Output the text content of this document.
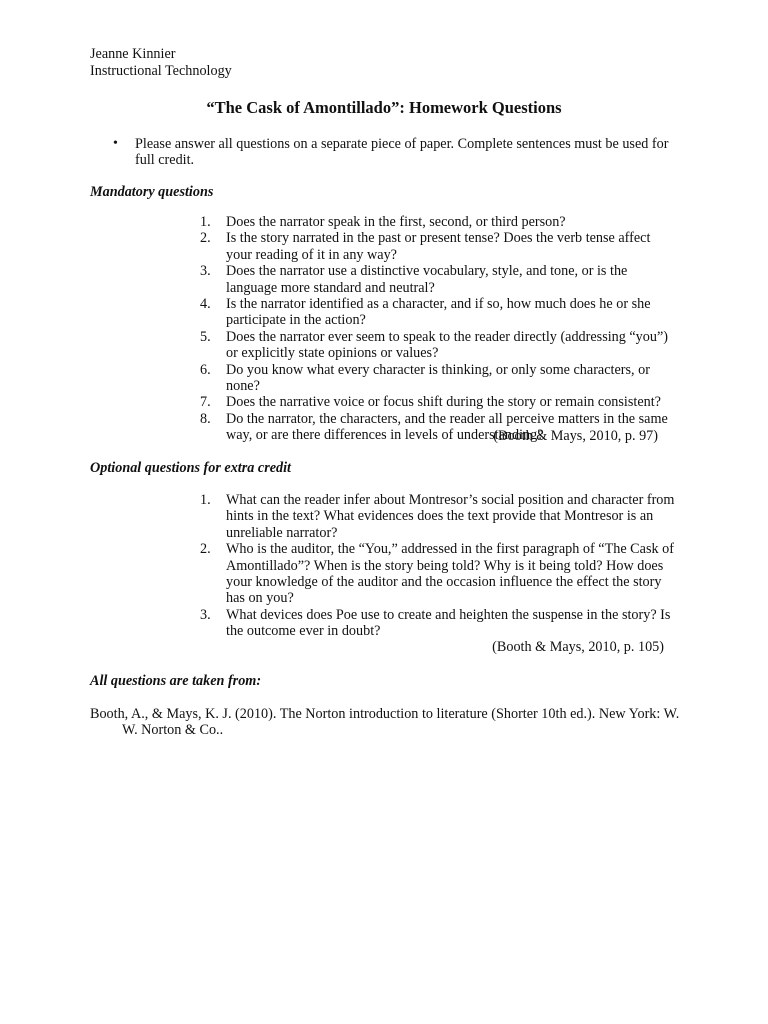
Jeanne Kinnier
Instructional Technology
“The Cask of Amontillado”: Homework Questions
•	Please answer all questions on a separate piece of paper. Complete sentences must be used for full credit.
Mandatory questions
1.	Does the narrator speak in the first, second, or third person?
2.	Is the story narrated in the past or present tense? Does the verb tense affect your reading of it in any way?
3.	Does the narrator use a distinctive vocabulary, style, and tone, or is the language more standard and neutral?
4.	Is the narrator identified as a character, and if so, how much does he or she participate in the action?
5.	Does the narrator ever seem to speak to the reader directly (addressing “you”) or explicitly state opinions or values?
6.	Do you know what every character is thinking, or only some characters, or none?
7.	Does the narrative voice or focus shift during the story or remain consistent?
8.	Do the narrator, the characters, and the reader all perceive matters in the same way, or are there differences in levels of understanding?
(Booth & Mays, 2010, p. 97)
Optional questions for extra credit
1.	What can the reader infer about Montresor’s social position and character from hints in the text? What evidences does the text provide that Montresor is an unreliable narrator?
2.	Who is the auditor, the “You,” addressed in the first paragraph of “The Cask of Amontillado”? When is the story being told? Why is it being told? How does your knowledge of the auditor and the occasion influence the effect the story has on you?
3.	What devices does Poe use to create and heighten the suspense in the story? Is the outcome ever in doubt?
(Booth & Mays, 2010, p. 105)
All questions are taken from:
Booth, A., & Mays, K. J. (2010). The Norton introduction to literature (Shorter 10th ed.). New York: W. W. Norton & Co..
